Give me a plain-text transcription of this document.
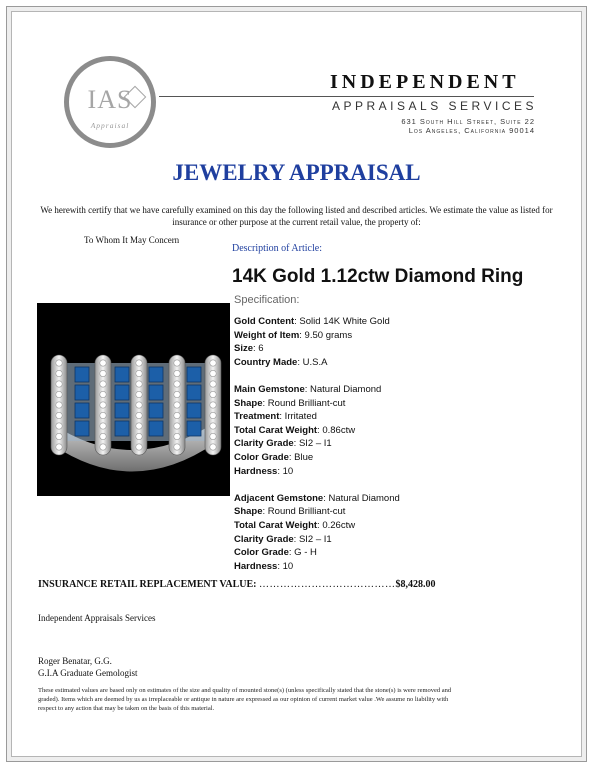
IAS
Appraisal
INDEPENDENT
APPRAISALS SERVICES
631 South Hill Street, Suite 22
Los Angeles, California 90014
JEWELRY APPRAISAL
We herewith certify that we have carefully examined on this day the following listed and described articles. We estimate the value as listed for insurance or other purpose at the current retail value, the property of:
To Whom It May Concern
Description of Article:
14K Gold 1.12ctw Diamond Ring
Specification:
Gold Content: Solid 14K White Gold
Weight of Item: 9.50 grams
Size: 6
Country Made: U.S.A
Main Gemstone: Natural Diamond
Shape: Round Brilliant-cut
Treatment: Irritated
Total Carat Weight: 0.86ctw
Clarity Grade: SI2 – I1
Color Grade: Blue
Hardness: 10
Adjacent Gemstone: Natural Diamond
Shape: Round Brilliant-cut
Total Carat Weight: 0.26ctw
Clarity Grade: SI2 – I1
Color Grade: G - H
Hardness: 10
INSURANCE RETAIL REPLACEMENT VALUE: …………………………………$8,428.00
Independent Appraisals Services
Roger Benatar, G.G.
G.I.A Graduate Gemologist
These estimated values are based only on estimates of the size and quality of mounted stone(s) (unless specifically stated that the stone(s) is were removed and graded). Items which are deemed by us as irreplaceable or antique in nature are expressed as our opinion of current market value .We assume no liability with respect to any action that may be taken on the basis of this material.
